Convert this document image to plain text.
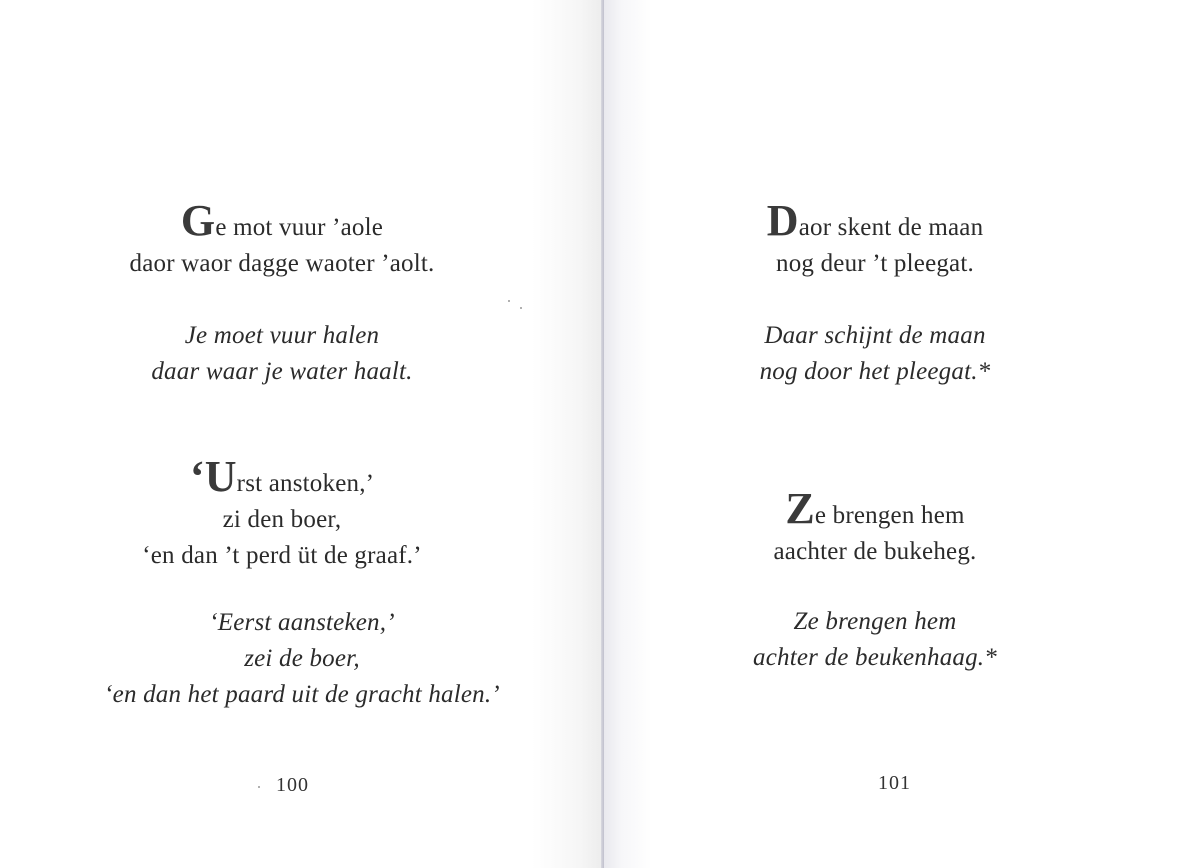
Ge mot vuur ’aole
daor waor dagge waoter ’aolt.
Je moet vuur halen
daar waar je water haalt.
‘Urst anstoken,’
zi den boer,
‘en dan ’t perd üt de graaf.’
‘Eerst aansteken,’
zei de boer,
‘en dan het paard uit de gracht halen.’
100
Daor skent de maan
nog deur ’t pleegat.
Daar schijnt de maan
nog door het pleegat.*
Ze brengen hem
aachter de bukeheg.
Ze brengen hem
achter de beukenhaag.*
101
